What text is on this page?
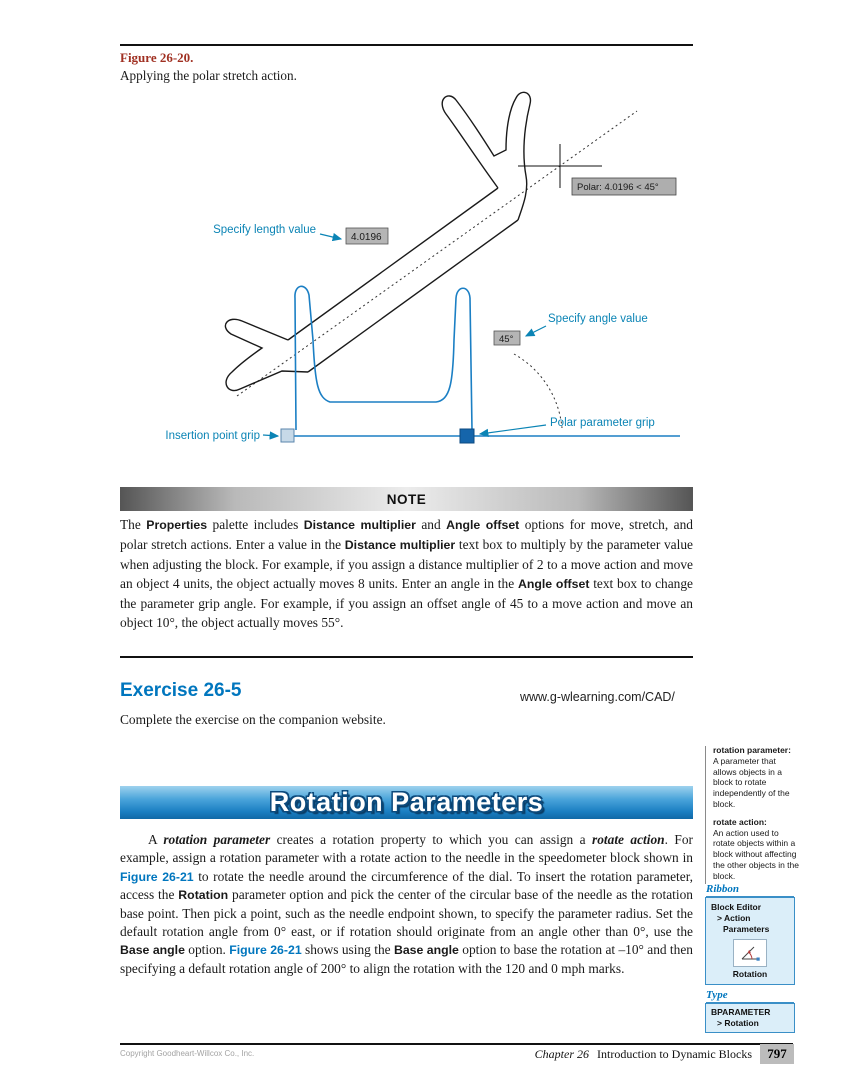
Figure 26-20.
Applying the polar stretch action.
Polar: 4.0196 < 45°
4.0196
45°
Specify length value
Specify angle value
Insertion point grip
Polar parameter grip
NOTE
The Properties palette includes Distance multiplier and Angle offset options for move, stretch, and polar stretch actions. Enter a value in the Distance multiplier text box to multiply by the parameter value when adjusting the block. For example, if you assign a distance multiplier of 2 to a move action and move an object 4 units, the object actually moves 8 units. Enter an angle in the Angle offset text box to change the parameter grip angle. For example, if you assign an offset angle of 45 to a move action and move an object 10°, the object actually moves 55°.
Exercise 26-5	www.g-wlearning.com/CAD/
Complete the exercise on the companion website.
rotation parameter:
A parameter that allows objects in a block to rotate independently of the block.
rotate action:
An action used to rotate objects within a block without affecting the other objects in the block.
Rotation Parameters
A rotation parameter creates a rotation property to which you can assign a rotate action. For example, assign a rotation parameter with a rotate action to the needle in the speedometer block shown in Figure 26-21 to rotate the needle around the circumference of the dial. To insert the rotation parameter, access the Rotation parameter option and pick the center of the circular base of the needle as the rotation base point. Then pick a point, such as the needle endpoint shown, to specify the parameter radius. Set the default rotation angle from 0° east, or if rotation should originate from an angle other than 0°, use the Base angle option. Figure 26-21 shows using the Base angle option to base the rotation at –10° and then specifying a default rotation angle of 200° to align the rotation with the 120 and 0 mph marks.
Ribbon
Block Editor
> Action
Parameters
Rotation
Type
BPARAMETER
> Rotation
Copyright Goodheart-Willcox Co., Inc.	Chapter 26 Introduction to Dynamic Blocks	797
